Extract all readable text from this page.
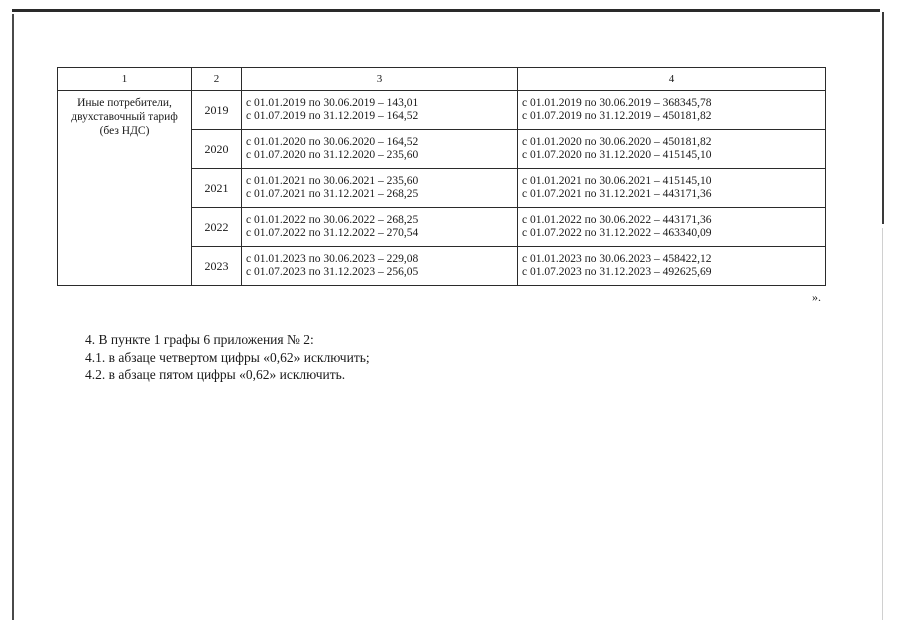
1	2	3	4

Иные потребители,
двухставочный тариф
(без НДС)	2019	с 01.01.2019 по 30.06.2019 – 143,01
с 01.07.2019 по 31.12.2019 – 164,52	с 01.01.2019 по 30.06.2019 – 368345,78
с 01.07.2019 по 31.12.2019 – 450181,82

	2020	с 01.01.2020 по 30.06.2020 – 164,52
с 01.07.2020 по 31.12.2020 – 235,60	с 01.01.2020 по 30.06.2020 – 450181,82
с 01.07.2020 по 31.12.2020 – 415145,10

	2021	с 01.01.2021 по 30.06.2021 – 235,60
с 01.07.2021 по 31.12.2021 – 268,25	с 01.01.2021 по 30.06.2021 – 415145,10
с 01.07.2021 по 31.12.2021 – 443171,36

	2022	с 01.01.2022 по 30.06.2022 – 268,25
с 01.07.2022 по 31.12.2022 – 270,54	с 01.01.2022 по 30.06.2022 – 443171,36
с 01.07.2022 по 31.12.2022 – 463340,09

	2023	с 01.01.2023 по 30.06.2023 – 229,08
с 01.07.2023 по 31.12.2023 – 256,05	с 01.01.2023 по 30.06.2023 – 458422,12
с 01.07.2023 по 31.12.2023 – 492625,69
».
4. В пункте 1 графы 6 приложения № 2:
4.1. в абзаце четвертом цифры «0,62» исключить;
4.2. в абзаце пятом цифры «0,62» исключить.
